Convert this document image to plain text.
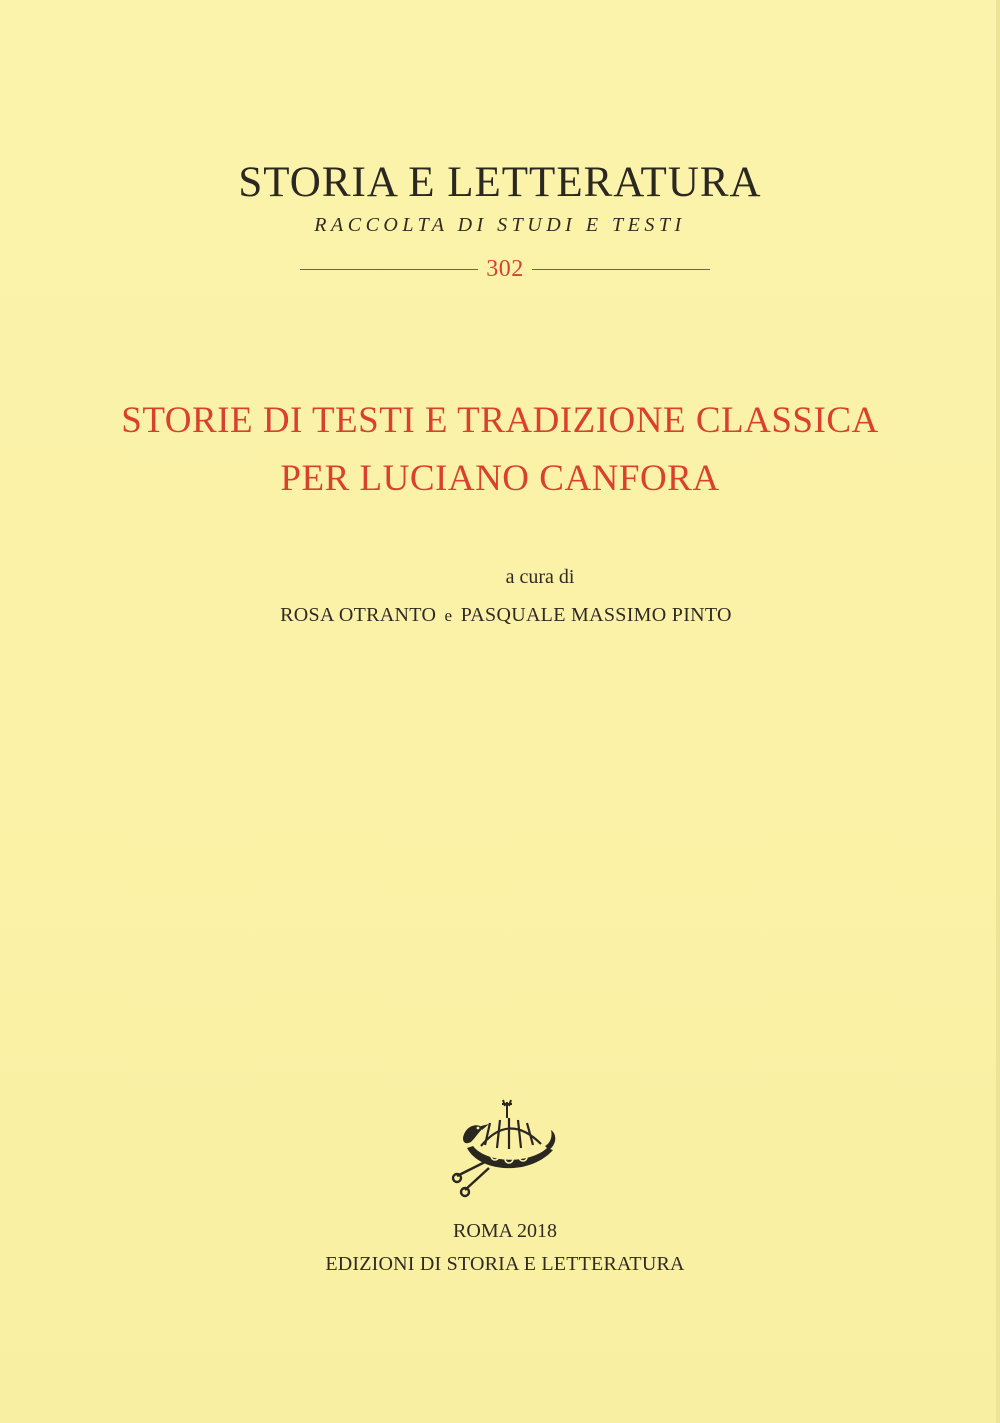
STORIA E LETTERATURA
RACCOLTA DI STUDI E TESTI
302
STORIE DI TESTI E TRADIZIONE CLASSICA
PER LUCIANO CANFORA
a cura di
ROSA OTRANTO e PASQUALE MASSIMO PINTO
ROMA 2018
EDIZIONI DI STORIA E LETTERATURA
